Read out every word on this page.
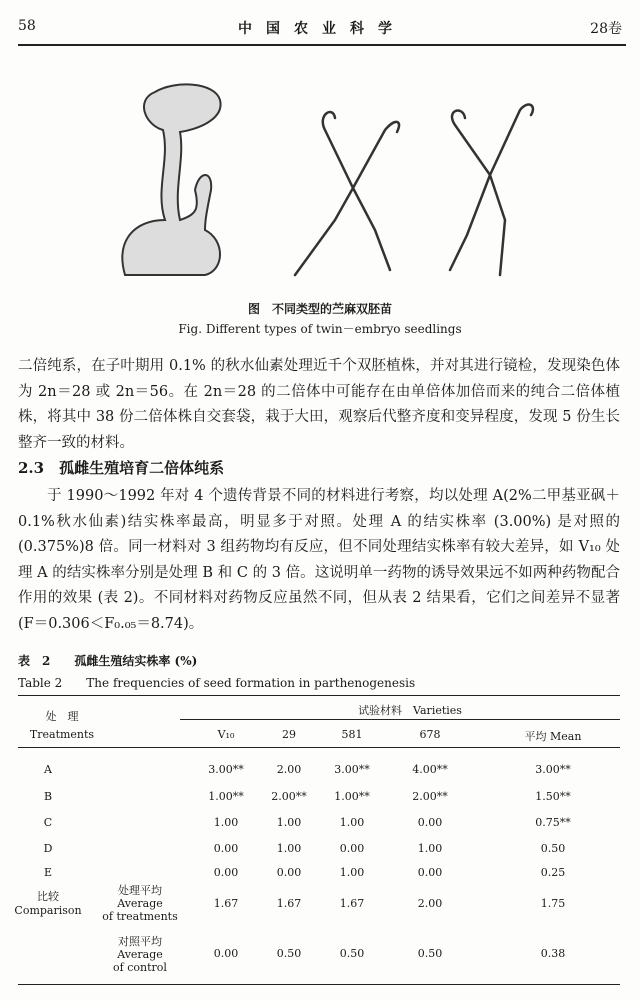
58	中国农业科学	28卷
图　不同类型的苎麻双胚苗
Fig. Different types of twin－embryo seedlings
二倍纯系，在子叶期用 0.1% 的秋水仙素处理近千个双胚植株，并对其进行镜检，发现染色体为 2n＝28 或 2n＝56。在 2n＝28 的二倍体中可能存在由单倍体加倍而来的纯合二倍体植株，将其中 38 份二倍体株自交套袋，栽于大田，观察后代整齐度和变异程度，发现 5 份生长整齐一致的材料。
2.3　孤雌生殖培育二倍体纯系
于 1990～1992 年对 4 个遗传背景不同的材料进行考察，均以处理 A(2%二甲基亚砜＋0.1%秋水仙素)结实株率最高，明显多于对照。处理 A 的结实株率 (3.00%) 是对照的 (0.375%)8 倍。同一材料对 3 组药物均有反应，但不同处理结实株率有较大差异，如 V₁₀ 处理 A 的结实株率分别是处理 B 和 C 的 3 倍。这说明单一药物的诱导效果远不如两种药物配合作用的效果 (表 2)。不同材料对药物反应虽然不同，但从表 2 结果看，它们之间差异不显著 (F＝0.306＜F₀.₀₅＝8.74)。
表　2　　孤雌生殖结实株率 (%)
Table 2　　The frequencies of seed formation in parthenogenesis
处　理
Treatments
试验材料　Varieties
V₁₀	29	581	678	平均 Mean
A	3.00**	2.00	3.00**	4.00**	3.00**
B	1.00**	2.00**	1.00**	2.00**	1.50**
C	1.00	1.00	1.00	0.00	0.75**
D	0.00	1.00	0.00	1.00	0.50
E	0.00	0.00	1.00	0.00	0.25
比较
Comparison
处理平均
Average
of treatments
1.67	1.67	1.67	2.00	1.75
对照平均
Average
of control
0.00	0.50	0.50	0.50	0.38
